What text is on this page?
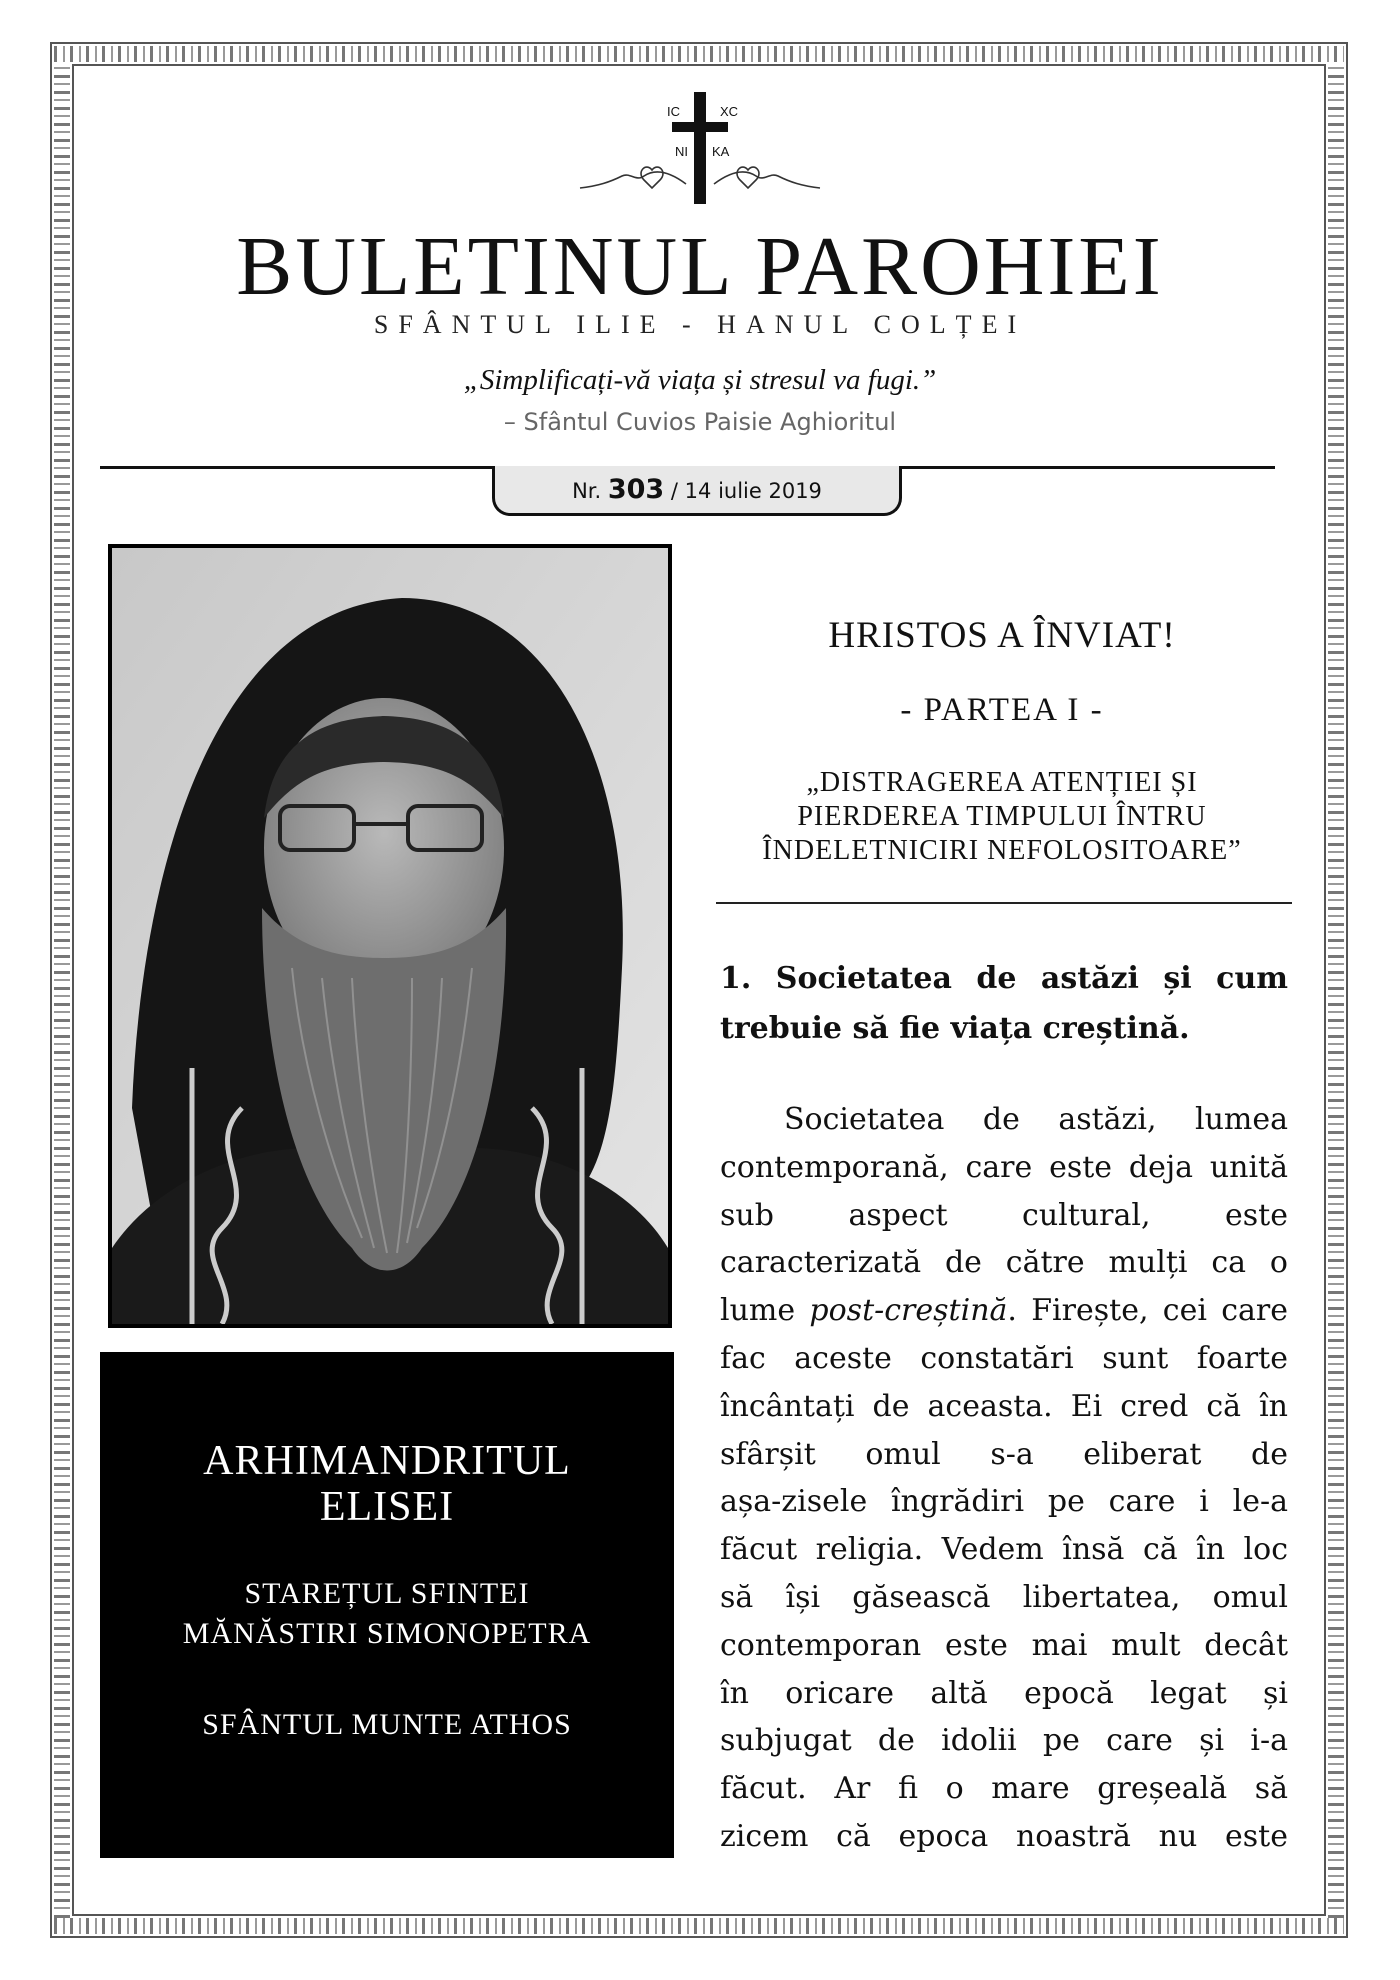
IC	XC
NI KA
BULETINUL PAROHIEI
SFÂNTUL ILIE - HANUL COLȚEI
„Simplificați-vă viața și stresul va fugi.”
– Sfântul Cuvios Paisie Aghioritul
Nr. 303 / 14 iulie 2019
ARHIMANDRITUL
ELISEI
STAREȚUL SFINTEI
MĂNĂSTIRI SIMONOPETRA
SFÂNTUL MUNTE ATHOS
HRISTOS A ÎNVIAT!
- PARTEA I -
„DISTRAGEREA ATENȚIEI ȘI
PIERDEREA TIMPULUI ÎNTRU
ÎNDELETNICIRI NEFOLOSITOARE”
1. Societatea de astăzi și cum trebuie să fie viața creștină.
Societatea de astăzi, lumea
contemporană, care este deja unită
sub aspect cultural, este
caracterizată de către mulți ca o
lume post-creștină. Firește, cei care
fac aceste constatări sunt foarte
încântați de aceasta. Ei cred că în
sfârșit omul s-a eliberat de
așa-zisele îngrădiri pe care i le-a
făcut religia. Vedem însă că în loc
să își găsească libertatea, omul
contemporan este mai mult decât
în oricare altă epocă legat și
subjugat de idolii pe care și i-a
făcut. Ar fi o mare greșeală să
zicem că epoca noastră nu este
